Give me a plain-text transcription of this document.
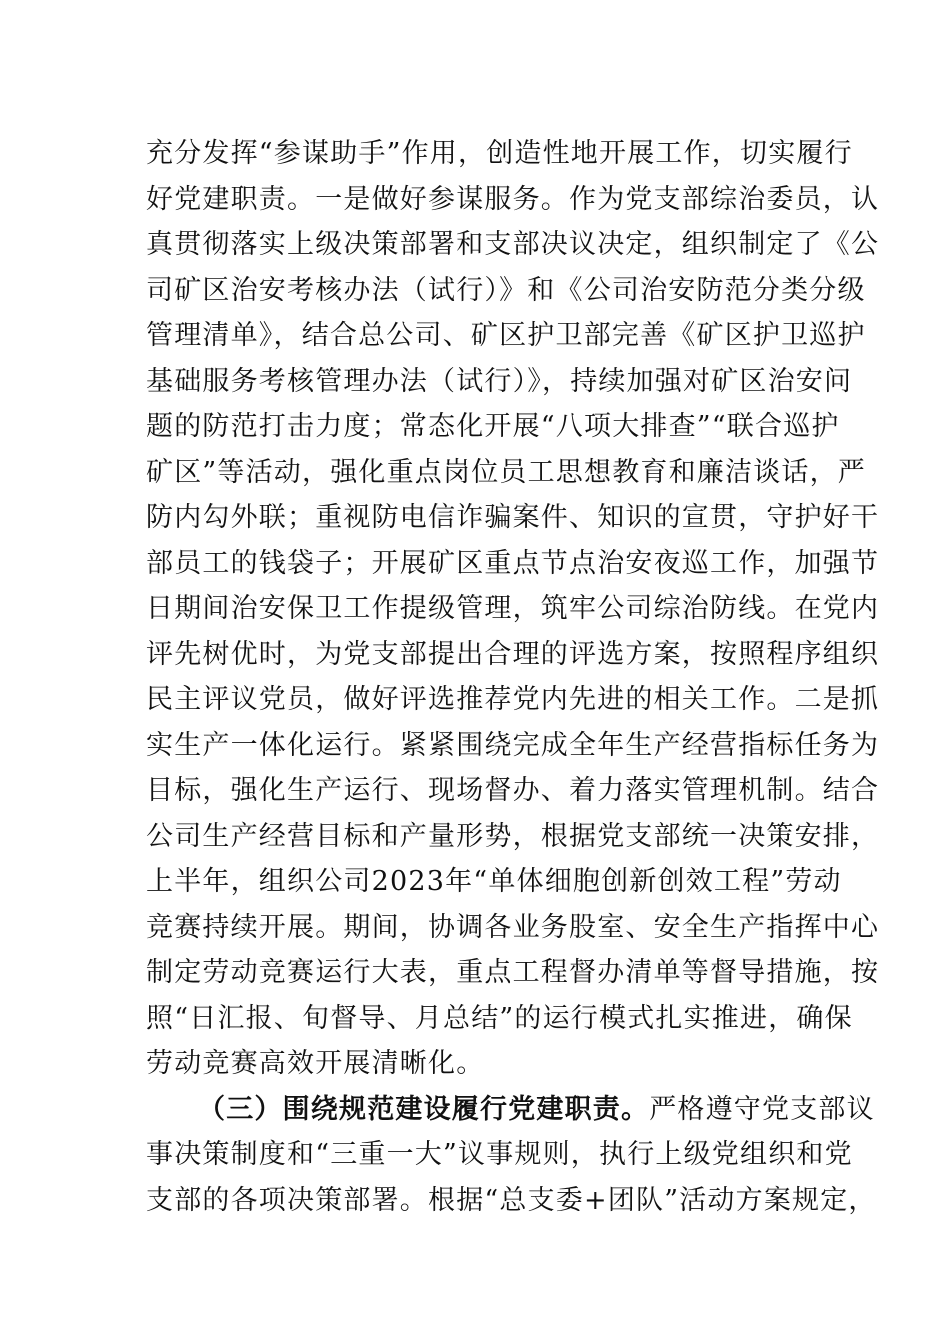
充分发挥“参谋助手”作用，创造性地开展工作，切实履行
好党建职责。一是做好参谋服务。作为党支部综治委员，认
真贯彻落实上级决策部署和支部决议决定，组织制定了《公
司矿区治安考核办法（试行）》和《公司治安防范分类分级
管理清单》，结合总公司、矿区护卫部完善《矿区护卫巡护
基础服务考核管理办法（试行）》，持续加强对矿区治安问
题的防范打击力度；常态化开展“八项大排查”“联合巡护
矿区”等活动，强化重点岗位员工思想教育和廉洁谈话，严
防内勾外联；重视防电信诈骗案件、知识的宣贯，守护好干
部员工的钱袋子；开展矿区重点节点治安夜巡工作，加强节
日期间治安保卫工作提级管理，筑牢公司综治防线。在党内
评先树优时，为党支部提出合理的评选方案，按照程序组织
民主评议党员，做好评选推荐党内先进的相关工作。二是抓
实生产一体化运行。紧紧围绕完成全年生产经营指标任务为
目标，强化生产运行、现场督办、着力落实管理机制。结合
公司生产经营目标和产量形势，根据党支部统一决策安排，
上半年，组织公司2023年“单体细胞创新创效工程”劳动
竞赛持续开展。期间，协调各业务股室、安全生产指挥中心
制定劳动竞赛运行大表，重点工程督办清单等督导措施，按
照“日汇报、旬督导、月总结”的运行模式扎实推进，确保
劳动竞赛高效开展清晰化。
（三）围绕规范建设履行党建职责。严格遵守党支部议
事决策制度和“三重一大”议事规则，执行上级党组织和党
支部的各项决策部署。根据“总支委+团队”活动方案规定，
